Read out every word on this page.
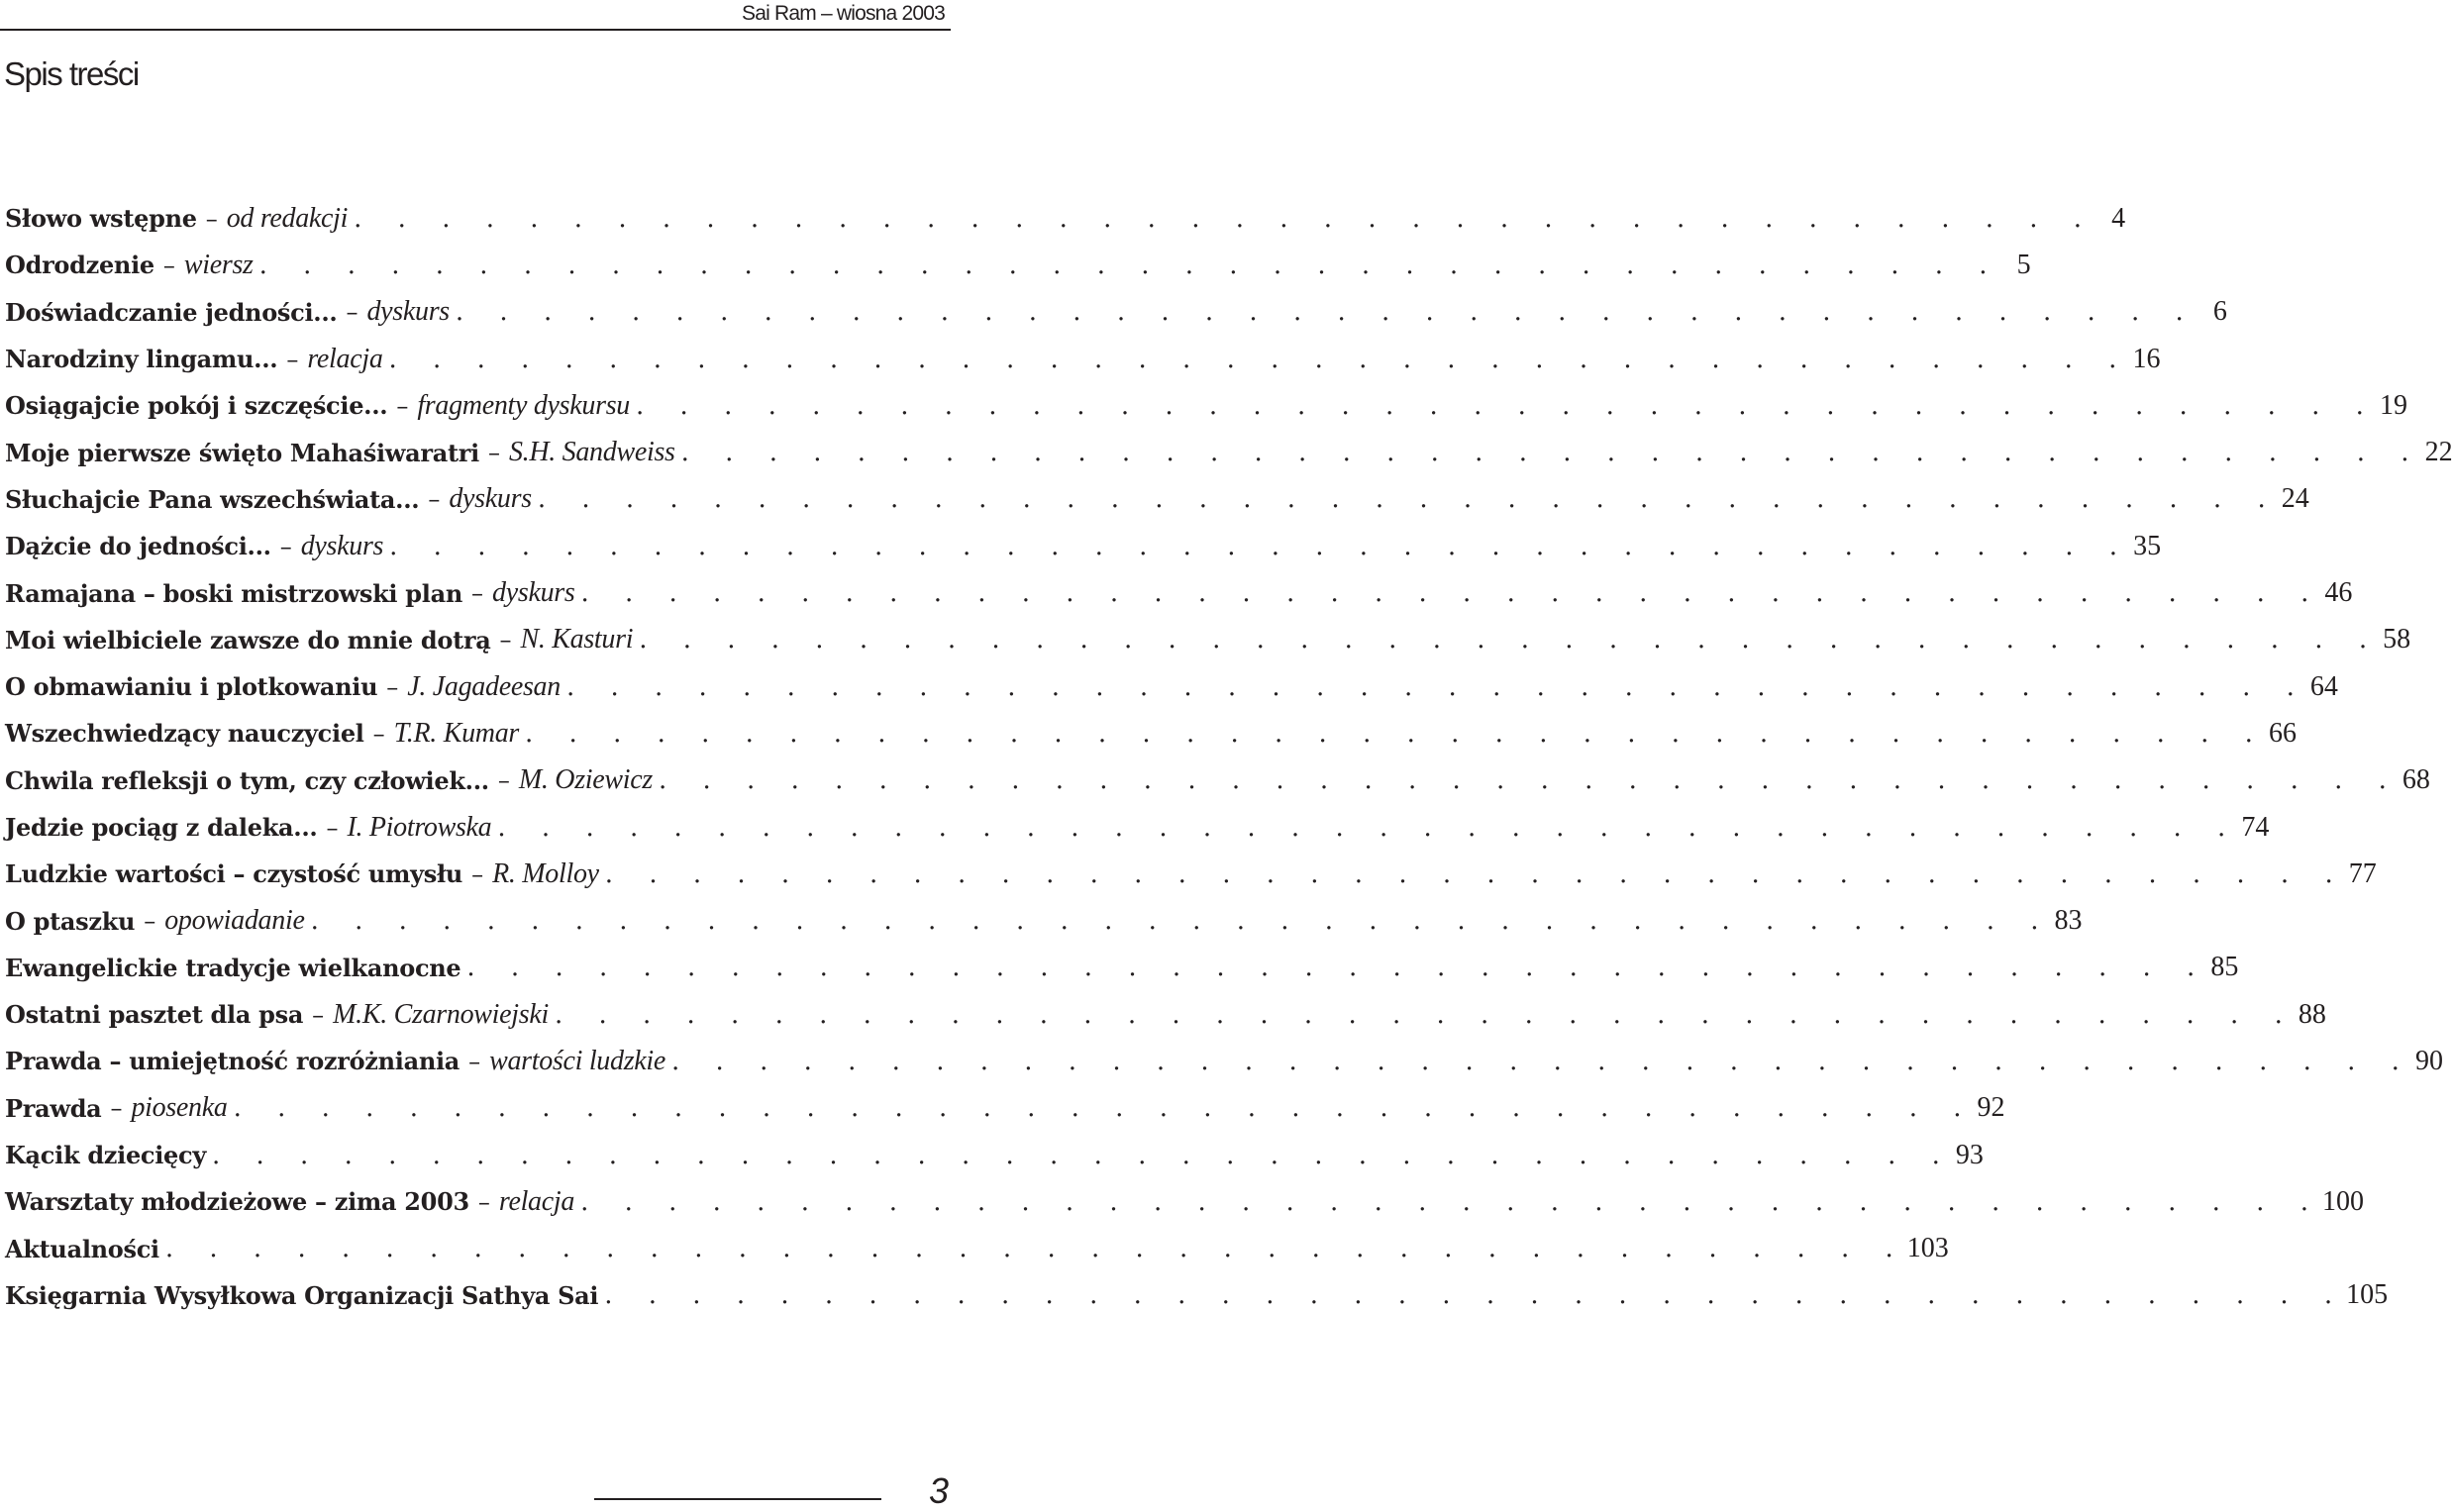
Sai Ram – wiosna 2003
Spis treści
Słowo wstępne – od redakcji . . . . . . . . . . . . . . . . . . . . . . . . . . . . . . . . . . . . . . . . 4
Odrodzenie – wiersz . . . . . . . . . . . . . . . . . . . . . . . . . . . . . . . . . . . . . . . . 5
Doświadczanie jedności... – dyskurs . . . . . . . . . . . . . . . . . . . . . . . . . . . . . . . . . . . . . . . . 6
Narodziny lingamu... – relacja . . . . . . . . . . . . . . . . . . . . . . . . . . . . . . . . . . . . . . . . 16
Osiągajcie pokój i szczęście... – fragmenty dyskursu . . . . . . . . . . . . . . . . . . . . . . . . . . . . . . . . . . . . . . . . 19
Moje pierwsze święto Mahaśiwaratri – S.H. Sandweiss . . . . . . . . . . . . . . . . . . . . . . . . . . . . . . . . . . . . . . . . 22
Słuchajcie Pana wszechświata... – dyskurs . . . . . . . . . . . . . . . . . . . . . . . . . . . . . . . . . . . . . . . . 24
Dążcie do jedności... – dyskurs . . . . . . . . . . . . . . . . . . . . . . . . . . . . . . . . . . . . . . . . 35
Ramajana – boski mistrzowski plan – dyskurs . . . . . . . . . . . . . . . . . . . . . . . . . . . . . . . . . . . . . . . . 46
Moi wielbiciele zawsze do mnie dotrą – N. Kasturi . . . . . . . . . . . . . . . . . . . . . . . . . . . . . . . . . . . . . . . . 58
O obmawianiu i plotkowaniu – J. Jagadeesan . . . . . . . . . . . . . . . . . . . . . . . . . . . . . . . . . . . . . . . . 64
Wszechwiedzący nauczyciel – T.R. Kumar . . . . . . . . . . . . . . . . . . . . . . . . . . . . . . . . . . . . . . . . 66
Chwila refleksji o tym, czy człowiek... – M. Oziewicz . . . . . . . . . . . . . . . . . . . . . . . . . . . . . . . . . . . . . . . . 68
Jedzie pociąg z daleka... – I. Piotrowska . . . . . . . . . . . . . . . . . . . . . . . . . . . . . . . . . . . . . . . . 74
Ludzkie wartości – czystość umysłu – R. Molloy . . . . . . . . . . . . . . . . . . . . . . . . . . . . . . . . . . . . . . . . 77
O ptaszku – opowiadanie . . . . . . . . . . . . . . . . . . . . . . . . . . . . . . . . . . . . . . . . 83
Ewangelickie tradycje wielkanocne . . . . . . . . . . . . . . . . . . . . . . . . . . . . . . . . . . . . . . . . 85
Ostatni pasztet dla psa – M.K. Czarnowiejski . . . . . . . . . . . . . . . . . . . . . . . . . . . . . . . . . . . . . . . . 88
Prawda – umiejętność rozróżniania – wartości ludzkie . . . . . . . . . . . . . . . . . . . . . . . . . . . . . . . . . . . . . . . . 90
Prawda – piosenka . . . . . . . . . . . . . . . . . . . . . . . . . . . . . . . . . . . . . . . . 92
Kącik dziecięcy . . . . . . . . . . . . . . . . . . . . . . . . . . . . . . . . . . . . . . . . 93
Warsztaty młodzieżowe – zima 2003 – relacja . . . . . . . . . . . . . . . . . . . . . . . . . . . . . . . . . . . . . . . . 100
Aktualności . . . . . . . . . . . . . . . . . . . . . . . . . . . . . . . . . . . . . . . . 103
Księgarnia Wysyłkowa Organizacji Sathya Sai . . . . . . . . . . . . . . . . . . . . . . . . . . . . . . . . . . . . . . . . 105
3
